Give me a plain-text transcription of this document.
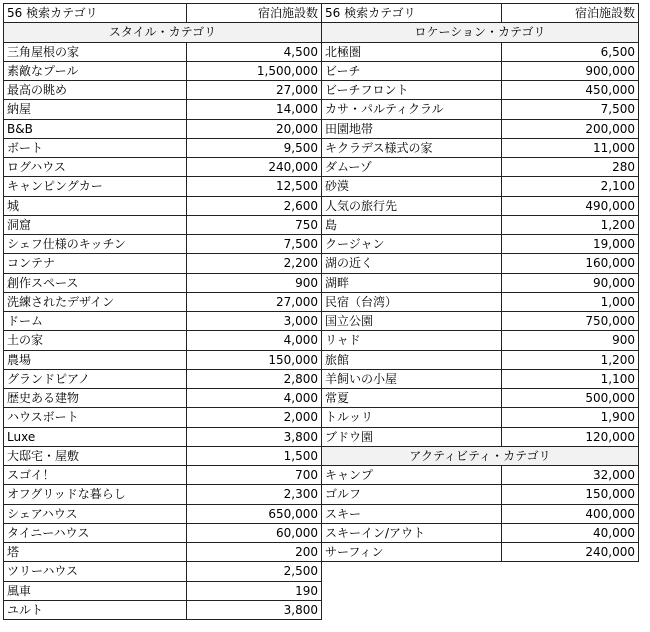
56 検索カテゴリ	宿泊施設数	56 検索カテゴリ	宿泊施設数
スタイル・カテゴリ		ロケーション・カテゴリ	
三角屋根の家	4,500	北極圏	6,500
素敵なプール	1,500,000	ビーチ	900,000
最高の眺め	27,000	ビーチフロント	450,000
納屋	14,000	カサ・パルティクラル	7,500
B&B	20,000	田園地帯	200,000
ボート	9,500	キクラデス様式の家	11,000
ログハウス	240,000	ダムーゾ	280
キャンピングカー	12,500	砂漠	2,100
城	2,600	人気の旅行先	490,000
洞窟	750	島	1,200
シェフ仕様のキッチン	7,500	クージャン	19,000
コンテナ	2,200	湖の近く	160,000
創作スペース	900	湖畔	90,000
洗練されたデザイン	27,000	民宿（台湾）	1,000
ドーム	3,000	国立公園	750,000
土の家	4,000	リャド	900
農場	150,000	旅館	1,200
グランドピアノ	2,800	羊飼いの小屋	1,100
歴史ある建物	4,000	常夏	500,000
ハウスボート	2,000	トルッリ	1,900
Luxe	3,800	ブドウ園	120,000
大邸宅・屋敷	1,500	アクティビティ・カテゴリ	
スゴイ！	700	キャンプ	32,000
オフグリッドな暮らし	2,300	ゴルフ	150,000
シェアハウス	650,000	スキー	400,000
タイニーハウス	60,000	スキーイン/アウト	40,000
塔	200	サーフィン	240,000
ツリーハウス	2,500		
風車	190		
ユルト	3,800		
